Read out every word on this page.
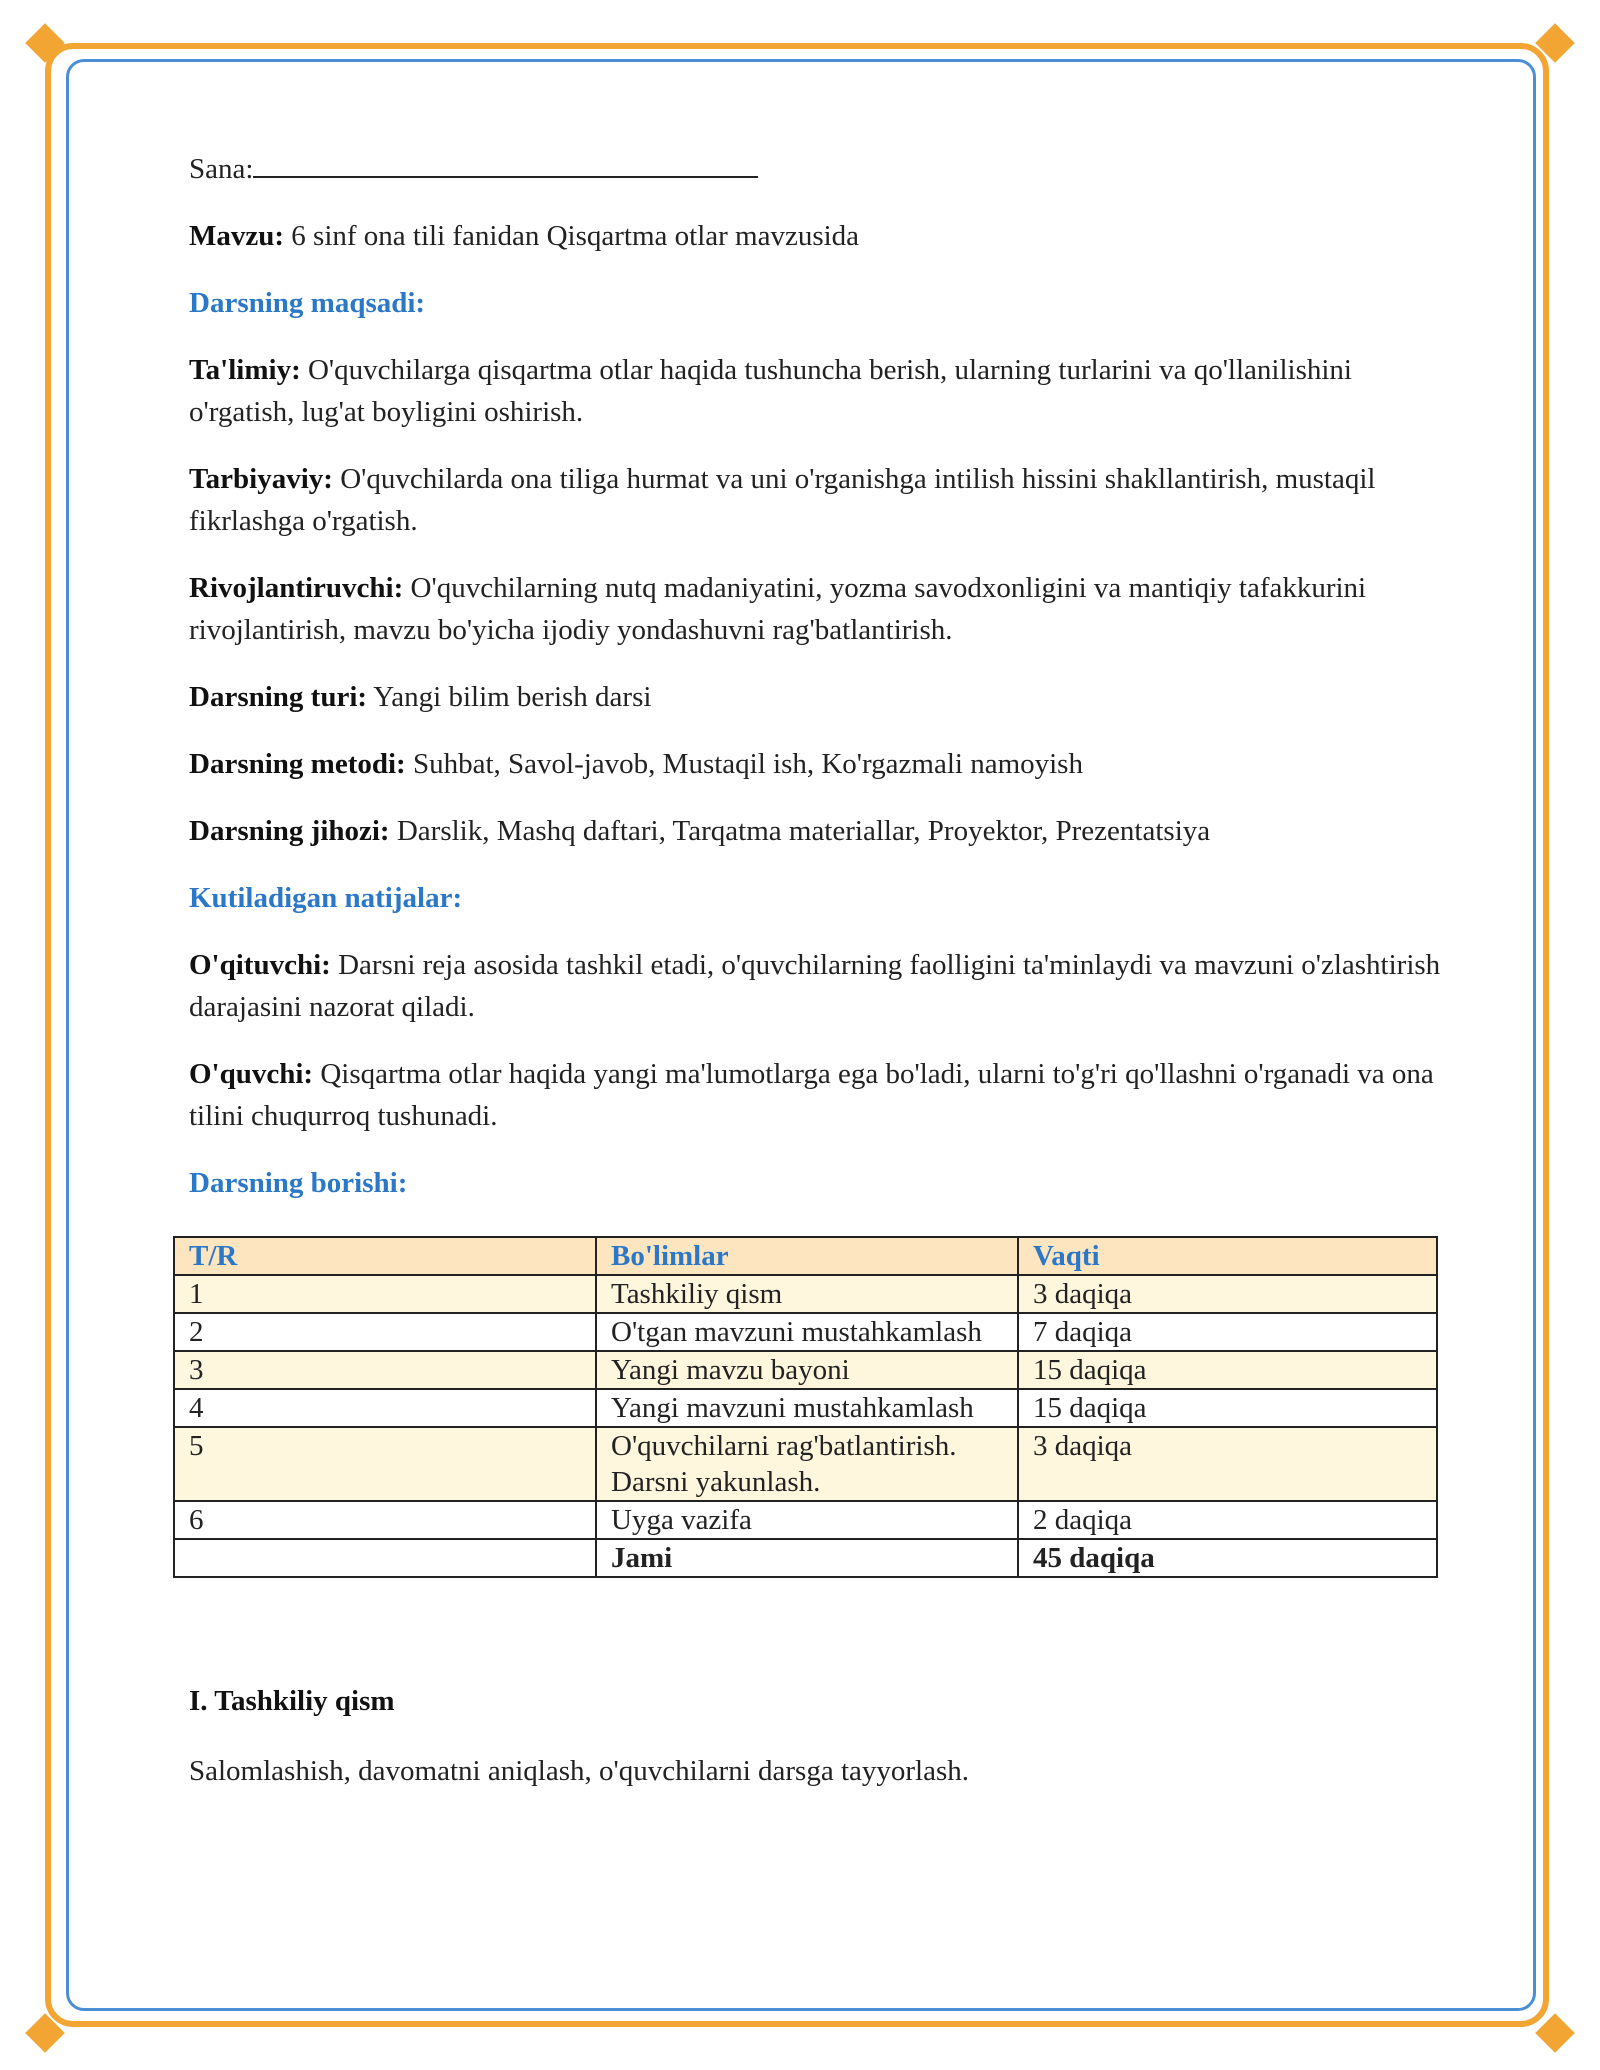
Sana:

Mavzu: 6 sinf ona tili fanidan Qisqartma otlar mavzusida

Darsning maqsadi:

Ta'limiy: O'quvchilarga qisqartma otlar haqida tushuncha berish, ularning turlarini va qo'llanilishini o'rgatish, lug'at boyligini oshirish.

Tarbiyaviy: O'quvchilarda ona tiliga hurmat va uni o'rganishga intilish hissini shakllantirish, mustaqil fikrlashga o'rgatish.

Rivojlantiruvchi: O'quvchilarning nutq madaniyatini, yozma savodxonligini va mantiqiy tafakkurini rivojlantirish, mavzu bo'yicha ijodiy yondashuvni rag'batlantirish.

Darsning turi: Yangi bilim berish darsi

Darsning metodi: Suhbat, Savol-javob, Mustaqil ish, Ko'rgazmali namoyish

Darsning jihozi: Darslik, Mashq daftari, Tarqatma materiallar, Proyektor, Prezentatsiya

Kutiladigan natijalar:

O'qituvchi: Darsni reja asosida tashkil etadi, o'quvchilarning faolligini ta'minlaydi va mavzuni o'zlashtirish darajasini nazorat qiladi.

O'quvchi: Qisqartma otlar haqida yangi ma'lumotlarga ega bo'ladi, ularni to'g'ri qo'llashni o'rganadi va ona tilini chuqurroq tushunadi.

Darsning borishi:

T/R	Bo'limlar	Vaqti
1	Tashkiliy qism	3 daqiqa
2	O'tgan mavzuni mustahkamlash	7 daqiqa
3	Yangi mavzu bayoni	15 daqiqa
4	Yangi mavzuni mustahkamlash	15 daqiqa
5	O'quvchilarni rag'batlantirish. Darsni yakunlash.	3 daqiqa
6	Uyga vazifa	2 daqiqa
	Jami	45 daqiqa

I. Tashkiliy qism

Salomlashish, davomatni aniqlash, o'quvchilarni darsga tayyorlash.
